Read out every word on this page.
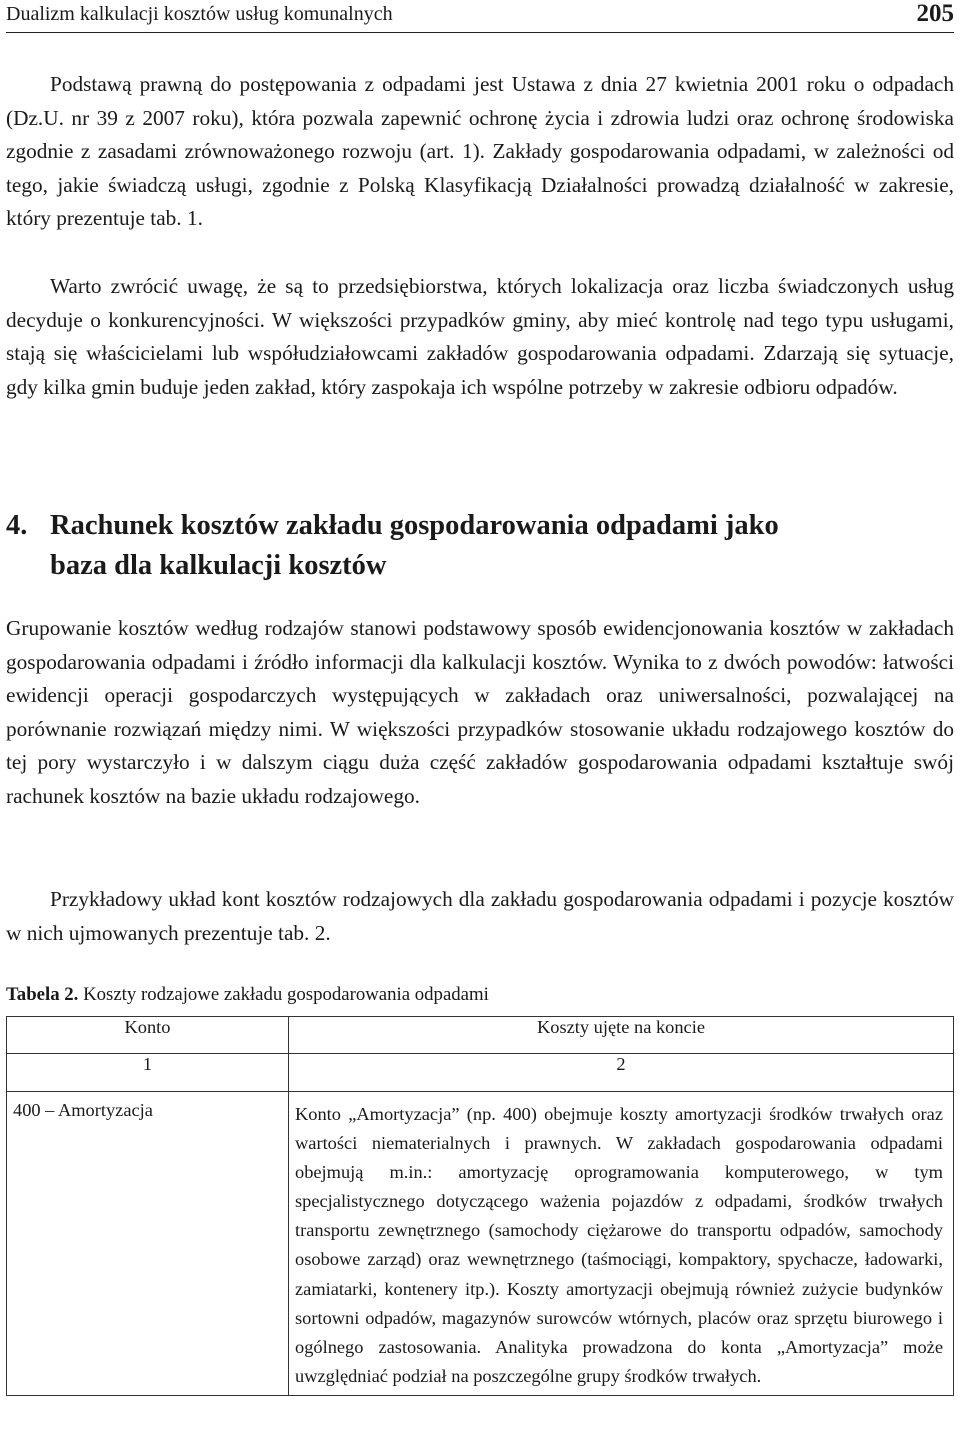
Dualizm kalkulacji kosztów usług komunalnych	205

Podstawą prawną do postępowania z odpadami jest Ustawa z dnia 27 kwietnia 2001 roku o odpadach (Dz.U. nr 39 z 2007 roku), która pozwala zapewnić ochronę życia i zdrowia ludzi oraz ochronę środowiska zgodnie z zasadami zrównoważonego rozwoju (art. 1). Zakłady gospodarowania odpadami, w zależności od tego, jakie świadczą usługi, zgodnie z Polską Klasyfikacją Działalności prowadzą działalność w zakresie, który prezentuje tab. 1.

Warto zwrócić uwagę, że są to przedsiębiorstwa, których lokalizacja oraz liczba świadczonych usług decyduje o konkurencyjności. W większości przypadków gminy, aby mieć kontrolę nad tego typu usługami, stają się właścicielami lub współudziałowcami zakładów gospodarowania odpadami. Zdarzają się sytuacje, gdy kilka gmin buduje jeden zakład, który zaspokaja ich wspólne potrzeby w zakresie odbioru odpadów.

4. Rachunek kosztów zakładu gospodarowania odpadami jako
baza dla kalkulacji kosztów

Grupowanie kosztów według rodzajów stanowi podstawowy sposób ewidencjonowania kosztów w zakładach gospodarowania odpadami i źródło informacji dla kalkulacji kosztów. Wynika to z dwóch powodów: łatwości ewidencji operacji gospodarczych występujących w zakładach oraz uniwersalności, pozwalającej na porównanie rozwiązań między nimi. W większości przypadków stosowanie układu rodzajowego kosztów do tej pory wystarczyło i w dalszym ciągu duża część zakładów gospodarowania odpadami kształtuje swój rachunek kosztów na bazie układu rodzajowego.

Przykładowy układ kont kosztów rodzajowych dla zakładu gospodarowania odpadami i pozycje kosztów w nich ujmowanych prezentuje tab. 2.

Tabela 2. Koszty rodzajowe zakładu gospodarowania odpadami
Konto	Koszty ujęte na koncie
1	2
400 – Amortyzacja	Konto „Amortyzacja” (np. 400) obejmuje koszty amortyzacji środków trwałych oraz wartości niematerialnych i prawnych. W zakładach gospodarowania odpadami obejmują m.in.: amortyzację oprogramowania komputerowego, w tym specjalistycznego dotyczącego ważenia pojazdów z odpadami, środków trwałych transportu zewnętrznego (samochody ciężarowe do transportu odpadów, samochody osobowe zarząd) oraz wewnętrznego (taśmociągi, kompaktory, spychacze, ładowarki, zamiatarki, kontenery itp.). Koszty amortyzacji obejmują również zużycie budynków sortowni odpadów, magazynów surowców wtórnych, placów oraz sprzętu biurowego i ogólnego zastosowania. Analityka prowadzona do konta „Amortyzacja” może uwzględniać podział na poszczególne grupy środków trwałych.
